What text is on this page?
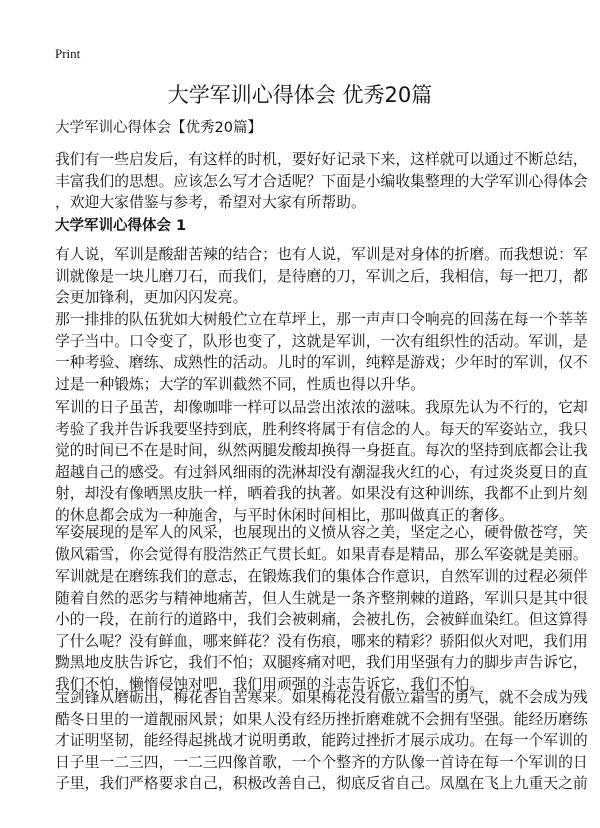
Print
大学军训心得体会 优秀20篇
大学军训心得体会【优秀20篇】
我们有一些启发后，有这样的时机，要好好记录下来，这样就可以通过不断总结，
丰富我们的思想。应该怎么写才合适呢？下面是小编收集整理的大学军训心得体会
，欢迎大家借鉴与参考，希望对大家有所帮助。
大学军训心得体会 1
有人说，军训是酸甜苦辣的结合；也有人说，军训是对身体的折磨。而我想说：军
训就像是一块儿磨刀石，而我们，是待磨的刀，军训之后，我相信，每一把刀，都
会更加锋利，更加闪闪发亮。
那一排排的队伍犹如大树般伫立在草坪上，那一声声口令响亮的回荡在每一个莘莘
学子当中。口令变了，队形也变了，这就是军训，一次有组织性的活动。军训，是
一种考验、磨练、成熟性的活动。儿时的军训，纯粹是游戏；少年时的军训，仅不
过是一种锻炼；大学的军训截然不同，性质也得以升华。
军训的日子虽苦，却像咖啡一样可以品尝出浓浓的滋味。我原先认为不行的，它却
考验了我并告诉我要坚持到底，胜利终将属于有信念的人。每天的军姿站立，我只
觉的时间已不在是时间，纵然两腿发酸却换得一身挺直。每次的坚持到底都会让我
超越自己的感受。有过斜风细雨的洗淋却没有潮湿我火红的心，有过炎炎夏日的直
射，却没有像晒黑皮肤一样，晒着我的执著。如果没有这种训练，我都不止到片刻
的休息都会成为一种施舍，与平时休闲时间相比，那叫做真正的奢侈。
军姿展现的是军人的风采，也展现出的义愤从容之美，坚定之心，硬骨傲苍穹，笑
傲风霜雪，你会觉得有股浩然正气贯长虹。如果青春是精品，那么军姿就是美丽。
军训就是在磨练我们的意志，在锻炼我们的集体合作意识，自然军训的过程必须伴
随着自然的恶劣与精神地痛苦，但人生就是一条齐整荆棘的道路，军训只是其中很
小的一段，在前行的道路中，我们会被刺痛，会被扎伤，会被鲜血染红。但这算得
了什么呢？没有鲜血，哪来鲜花？没有伤痕，哪来的精彩？骄阳似火对吧，我们用
黝黑地皮肤告诉它，我们不怕；双腿疼痛对吧，我们用坚强有力的脚步声告诉它，
我们不怕，懒惰侵蚀对吧，我们用顽强的斗志告诉它，我们不怕。
宝剑锋从磨砺出，梅花香自苦寒来。如果梅花没有傲立霜雪的勇气，就不会成为残
酷冬日里的一道靓丽风景；如果人没有经历挫折磨难就不会拥有坚强。能经历磨练
才证明坚韧，能经得起挑战才说明勇敢，能跨过挫折才展示成功。在每一个军训的
日子里一二三四，一二三四像首歌，一个个整齐的方队像一首诗在每一个军训的日
子里，我们严格要求自己，积极改善自己，彻底反省自己。凤凰在飞上九重天之前
